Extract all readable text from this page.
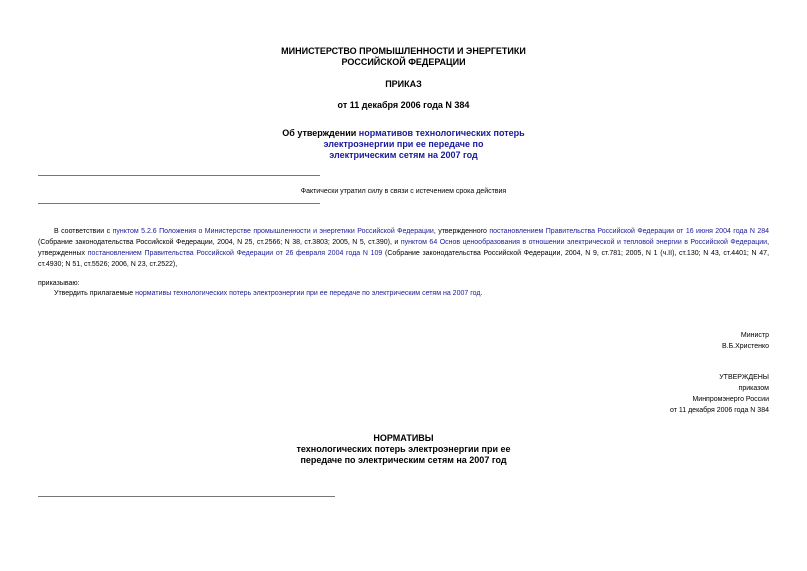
МИНИСТЕРСТВО ПРОМЫШЛЕННОСТИ И ЭНЕРГЕТИКИ
РОССИЙСКОЙ ФЕДЕРАЦИИ
ПРИКАЗ
от 11 декабря 2006 года N 384
Об утверждении нормативов технологических потерь
электроэнергии при ее передаче по
электрическим сетям на 2007 год
Фактически утратил силу в связи с истечением срока действия
В соответствии с пунктом 5.2.6 Положения о Министерстве промышленности и энергетики Российской Федерации, утвержденного постановлением Правительства Российской Федерации от 16 июня 2004 года N 284 (Собрание законодательства Российской Федерации, 2004, N 25, ст.2566; N 38, ст.3803; 2005, N 5, ст.390), и пунктом 64 Основ ценообразования в отношении электрической и тепловой энергии в Российской Федерации, утвержденных постановлением Правительства Российской Федерации от 26 февраля 2004 года N 109 (Собрание законодательства Российской Федерации, 2004, N 9, ст.781; 2005, N 1 (ч.II), ст.130; N 43, ст.4401; N 47, ст.4930; N 51, ст.5526; 2006, N 23, ст.2522),
приказываю:
Утвердить прилагаемые нормативы технологических потерь электроэнергии при ее передаче по электрическим сетям на 2007 год.
Министр
В.Б.Христенко
УТВЕРЖДЕНЫ
приказом
Минпромэнерго России
от 11 декабря 2006 года N 384
НОРМАТИВЫ
технологических потерь электроэнергии при ее
передаче по электрическим сетям на 2007 год
